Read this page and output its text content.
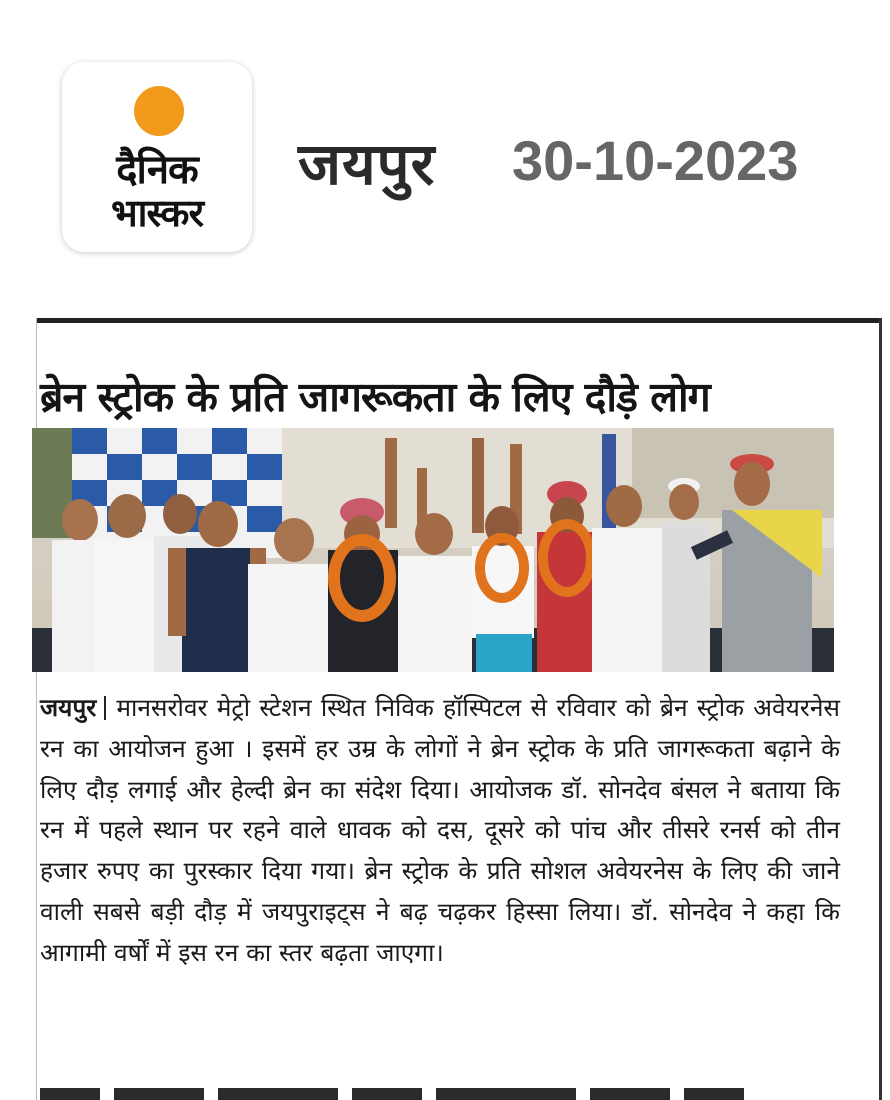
दैनिक
भास्कर
जयपुर 30-10-2023
ब्रेन स्ट्रोक के प्रति जागरूकता के लिए दौड़े लोग
जयपुर मानसरोवर मेट्रो स्टेशन स्थित निविक हॉस्पिटल से रविवार को ब्रेन स्ट्रोक अवेयरनेस रन का आयोजन हुआ । इसमें हर उम्र के लोगों ने ब्रेन स्ट्रोक के प्रति जागरूकता बढ़ाने के लिए दौड़ लगाई और हेल्दी ब्रेन का संदेश दिया। आयोजक डॉ. सोनदेव बंसल ने बताया कि रन में पहले स्थान पर रहने वाले धावक को दस, दूसरे को पांच और तीसरे रनर्स को तीन हजार रुपए का पुरस्कार दिया गया। ब्रेन स्ट्रोक के प्रति सोशल अवेयरनेस के लिए की जाने वाली सबसे बड़ी दौड़ में जयपुराइट्स ने बढ़ चढ़कर हिस्सा लिया। डॉ. सोनदेव ने कहा कि आगामी वर्षों में इस रन का स्तर बढ़ता जाएगा।
